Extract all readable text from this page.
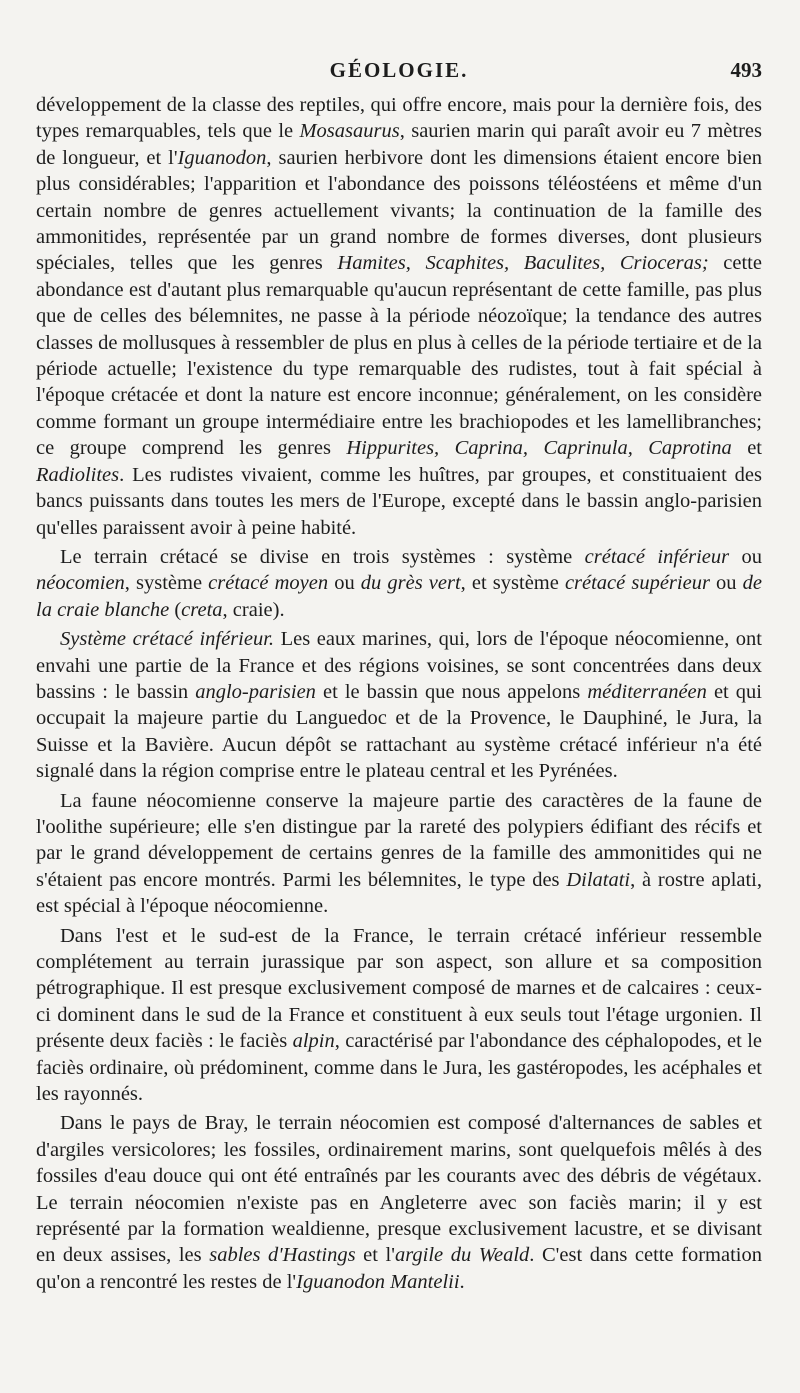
GÉOLOGIE.	493

développement de la classe des reptiles, qui offre encore, mais pour la dernière fois, des types remarquables, tels que le Mosasaurus, saurien marin qui paraît avoir eu 7 mètres de longueur, et l'Iguanodon, saurien herbivore dont les dimensions étaient encore bien plus considérables; l'apparition et l'abondance des poissons téléostéens et même d'un certain nombre de genres actuellement vivants; la continuation de la famille des ammonitides, représentée par un grand nombre de formes diverses, dont plusieurs spéciales, telles que les genres Hamites, Scaphites, Baculites, Crioceras; cette abondance est d'autant plus remarquable qu'aucun représentant de cette famille, pas plus que de celles des bélemnites, ne passe à la période néozoïque; la tendance des autres classes de mollusques à ressembler de plus en plus à celles de la période tertiaire et de la période actuelle; l'existence du type remarquable des rudistes, tout à fait spécial à l'époque crétacée et dont la nature est encore inconnue; généralement, on les considère comme formant un groupe intermédiaire entre les brachiopodes et les lamellibranches; ce groupe comprend les genres Hippurites, Caprina, Caprinula, Caprotina et Radiolites. Les rudistes vivaient, comme les huîtres, par groupes, et constituaient des bancs puissants dans toutes les mers de l'Europe, excepté dans le bassin anglo-parisien qu'elles paraissent avoir à peine habité.

Le terrain crétacé se divise en trois systèmes : système crétacé inférieur ou néocomien, système crétacé moyen ou du grès vert, et système crétacé supérieur ou de la craie blanche (creta, craie).

Système crétacé inférieur. Les eaux marines, qui, lors de l'époque néocomienne, ont envahi une partie de la France et des régions voisines, se sont concentrées dans deux bassins : le bassin anglo-parisien et le bassin que nous appelons méditerranéen et qui occupait la majeure partie du Languedoc et de la Provence, le Dauphiné, le Jura, la Suisse et la Bavière. Aucun dépôt se rattachant au système crétacé inférieur n'a été signalé dans la région comprise entre le plateau central et les Pyrénées.

La faune néocomienne conserve la majeure partie des caractères de la faune de l'oolithe supérieure; elle s'en distingue par la rareté des polypiers édifiant des récifs et par le grand développement de certains genres de la famille des ammonitides qui ne s'étaient pas encore montrés. Parmi les bélemnites, le type des Dilatati, à rostre aplati, est spécial à l'époque néocomienne.

Dans l'est et le sud-est de la France, le terrain crétacé inférieur ressemble complétement au terrain jurassique par son aspect, son allure et sa composition pétrographique. Il est presque exclusivement composé de marnes et de calcaires : ceux-ci dominent dans le sud de la France et constituent à eux seuls tout l'étage urgonien. Il présente deux faciès : le faciès alpin, caractérisé par l'abondance des céphalopodes, et le faciès ordinaire, où prédominent, comme dans le Jura, les gastéropodes, les acéphales et les rayonnés.

Dans le pays de Bray, le terrain néocomien est composé d'alternances de sables et d'argiles versicolores; les fossiles, ordinairement marins, sont quelquefois mêlés à des fossiles d'eau douce qui ont été entraînés par les courants avec des débris de végétaux. Le terrain néocomien n'existe pas en Angleterre avec son faciès marin; il y est représenté par la formation wealdienne, presque exclusivement lacustre, et se divisant en deux assises, les sables d'Hastings et l'argile du Weald. C'est dans cette formation qu'on a rencontré les restes de l'Iguanodon Mantelii.
